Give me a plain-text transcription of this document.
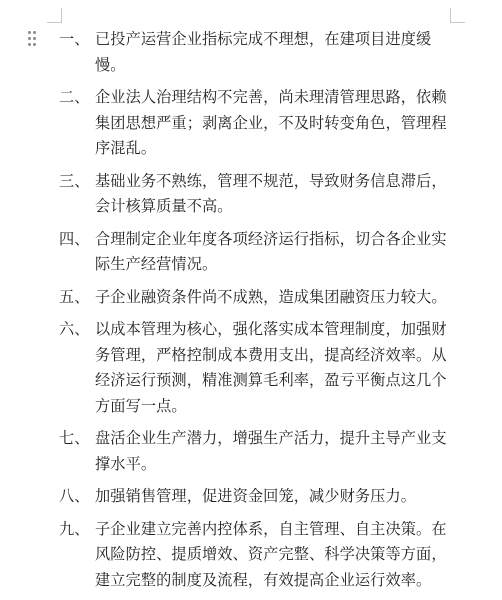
一、 已投产运营企业指标完成不理想，在建项目进度缓慢。
二、 企业法人治理结构不完善，尚未理清管理思路，依赖集团思想严重；剥离企业，不及时转变角色，管理程序混乱。
三、 基础业务不熟练，管理不规范，导致财务信息滞后，会计核算质量不高。
四、 合理制定企业年度各项经济运行指标，切合各企业实际生产经营情况。
五、 子企业融资条件尚不成熟，造成集团融资压力较大。
六、 以成本管理为核心，强化落实成本管理制度，加强财务管理，严格控制成本费用支出，提高经济效率。从经济运行预测，精准测算毛利率，盈亏平衡点这几个方面写一点。
七、 盘活企业生产潜力，增强生产活力，提升主导产业支撑水平。
八、 加强销售管理，促进资金回笼，减少财务压力。
九、 子企业建立完善内控体系，自主管理、自主决策。在风险防控、提质增效、资产完整、科学决策等方面，建立完整的制度及流程，有效提高企业运行效率。
